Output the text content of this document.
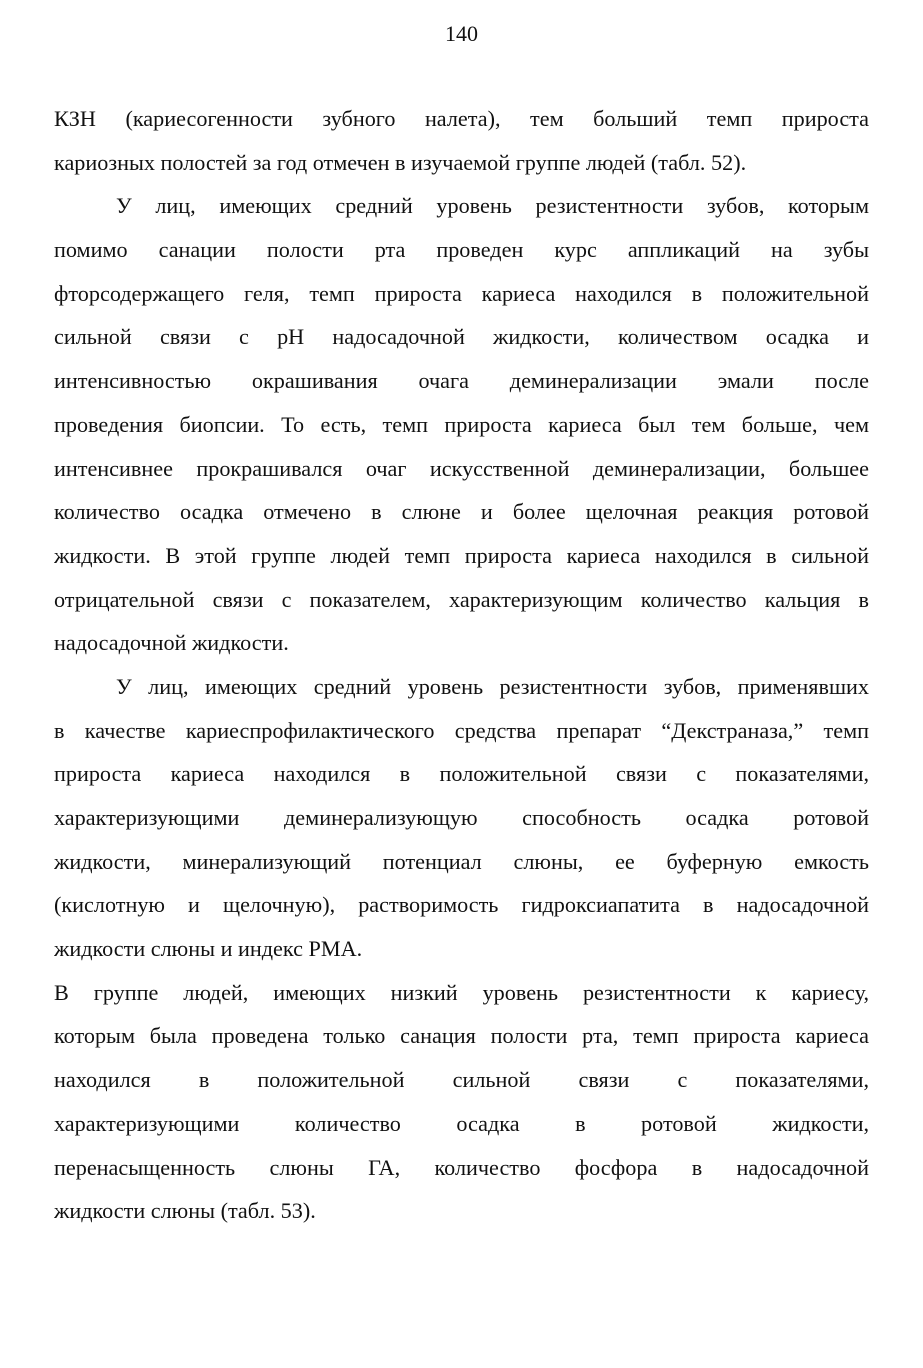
140
КЗН (кариесогенности зубного налета), тем больший темп прироста
кариозных полостей за год отмечен в изучаемой группе людей (табл. 52).
У лиц, имеющих средний уровень резистентности зубов, которым
помимо санации полости рта проведен курс аппликаций на зубы
фторсодержащего геля, темп прироста кариеса находился в положительной
сильной связи с pH надосадочной жидкости, количеством осадка и
интенсивностью окрашивания очага деминерализации эмали после
проведения биопсии. То есть, темп прироста кариеса был тем больше, чем
интенсивнее прокрашивался очаг искусственной деминерализации, большее
количество осадка отмечено в слюне и более щелочная реакция ротовой
жидкости. В этой группе людей темп прироста кариеса находился в сильной
отрицательной связи с показателем, характеризующим количество кальция в
надосадочной жидкости.
У лиц, имеющих средний уровень резистентности зубов, применявших
в качестве кариеспрофилактического средства препарат “Декстраназа,” темп
прироста кариеса находился в положительной связи с показателями,
характеризующими деминерализующую способность осадка ротовой
жидкости, минерализующий потенциал слюны, ее буферную емкость
(кислотную и щелочную), растворимость гидроксиапатита в надосадочной
жидкости слюны и индекс РМА.
В группе людей, имеющих низкий уровень резистентности к кариесу,
которым была проведена только санация полости рта, темп прироста кариеса
находился в положительной сильной связи с показателями,
характеризующими количество осадка в ротовой жидкости,
перенасыщенность слюны ГА, количество фосфора в надосадочной
жидкости слюны (табл. 53).
